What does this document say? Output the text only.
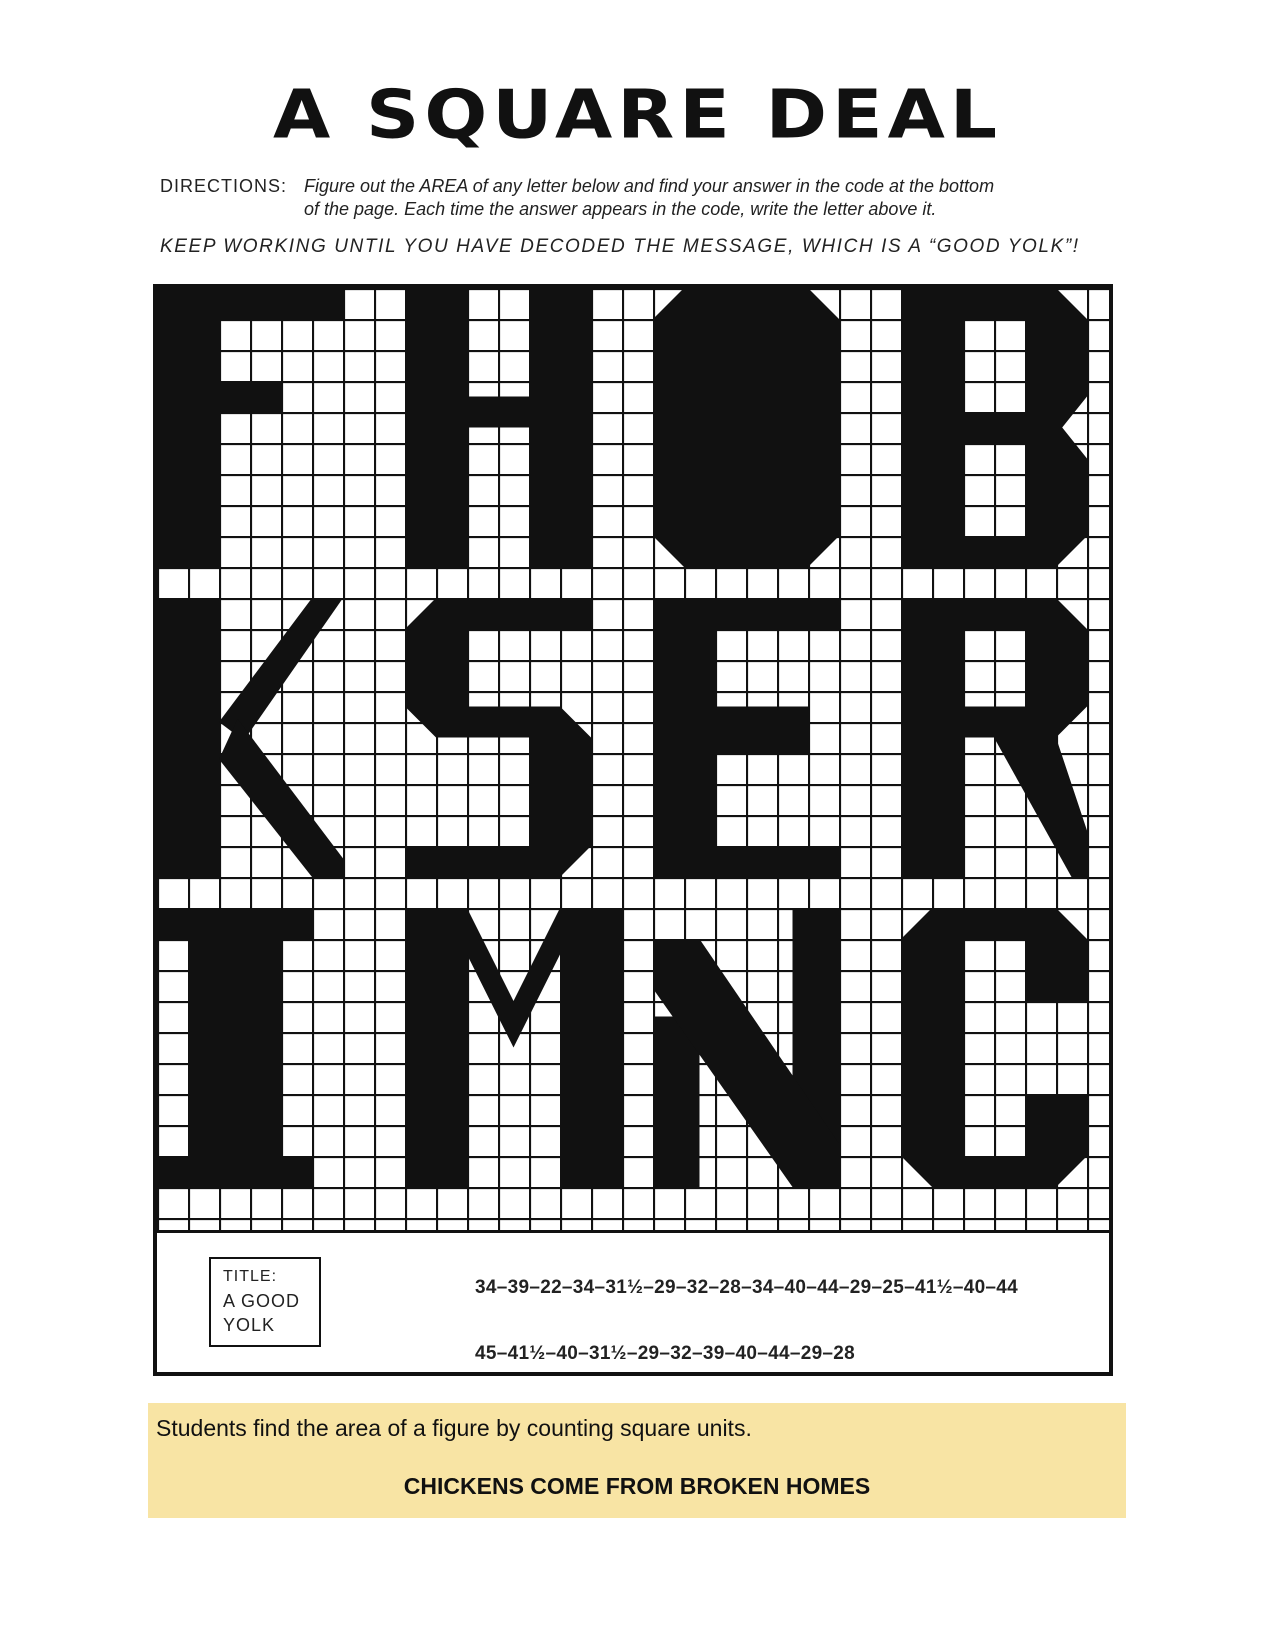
A SQUARE DEAL
DIRECTIONS: Figure out the AREA of any letter below and find your answer in the code at the bottom
of the page. Each time the answer appears in the code, write the letter above it.
KEEP WORKING UNTIL YOU HAVE DECODED THE MESSAGE, WHICH IS A “GOOD YOLK”!
TITLE:
A GOOD
YOLK
34–39–22–34–31½–29–32–28–34–40–44–29–25–41½–40–44
45–41½–40–31½–29–32–39–40–44–29–28
Students find the area of a figure by counting square units.
CHICKENS COME FROM BROKEN HOMES
